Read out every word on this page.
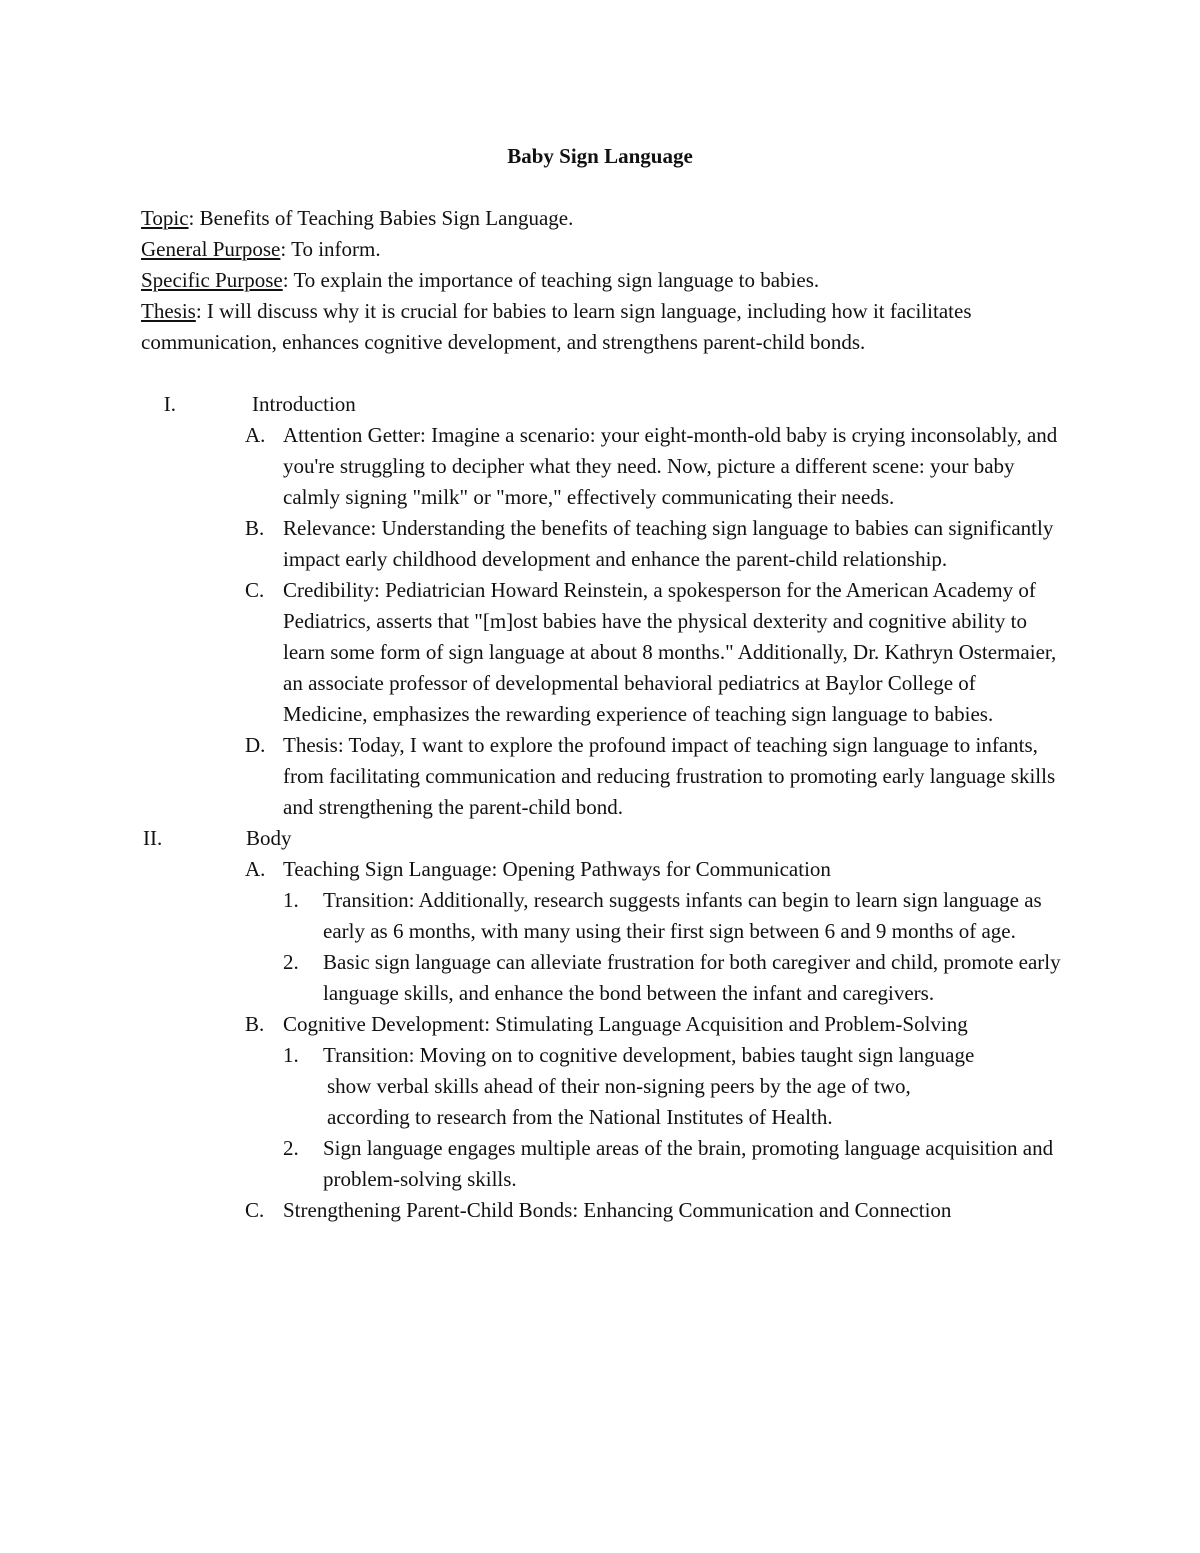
Baby Sign Language

Topic: Benefits of Teaching Babies Sign Language.

General Purpose: To inform.

Specific Purpose: To explain the importance of teaching sign language to babies.

Thesis: I will discuss why it is crucial for babies to learn sign language, including how it facilitates communication, enhances cognitive development, and strengthens parent-child bonds.

I.	Introduction
A. Attention Getter: Imagine a scenario: your eight-month-old baby is crying inconsolably, and you're struggling to decipher what they need. Now, picture a different scene: your baby calmly signing "milk" or "more," effectively communicating their needs.
B. Relevance: Understanding the benefits of teaching sign language to babies can significantly impact early childhood development and enhance the parent-child relationship.
C. Credibility: Pediatrician Howard Reinstein, a spokesperson for the American Academy of Pediatrics, asserts that "[m]ost babies have the physical dexterity and cognitive ability to learn some form of sign language at about 8 months." Additionally, Dr. Kathryn Ostermaier, an associate professor of developmental behavioral pediatrics at Baylor College of Medicine, emphasizes the rewarding experience of teaching sign language to babies.
D. Thesis: Today, I want to explore the profound impact of teaching sign language to infants, from facilitating communication and reducing frustration to promoting early language skills and strengthening the parent-child bond.
II.	Body
A. Teaching Sign Language: Opening Pathways for Communication
1. Transition: Additionally, research suggests infants can begin to learn sign language as early as 6 months, with many using their first sign between 6 and 9 months of age.
2. Basic sign language can alleviate frustration for both caregiver and child, promote early language skills, and enhance the bond between the infant and caregivers.
B. Cognitive Development: Stimulating Language Acquisition and Problem-Solving
1. Transition: Moving on to cognitive development, babies taught sign language
show verbal skills ahead of their non-signing peers by the age of two,
according to research from the National Institutes of Health.
2. Sign language engages multiple areas of the brain, promoting language acquisition and problem-solving skills.
C. Strengthening Parent-Child Bonds: Enhancing Communication and Connection
